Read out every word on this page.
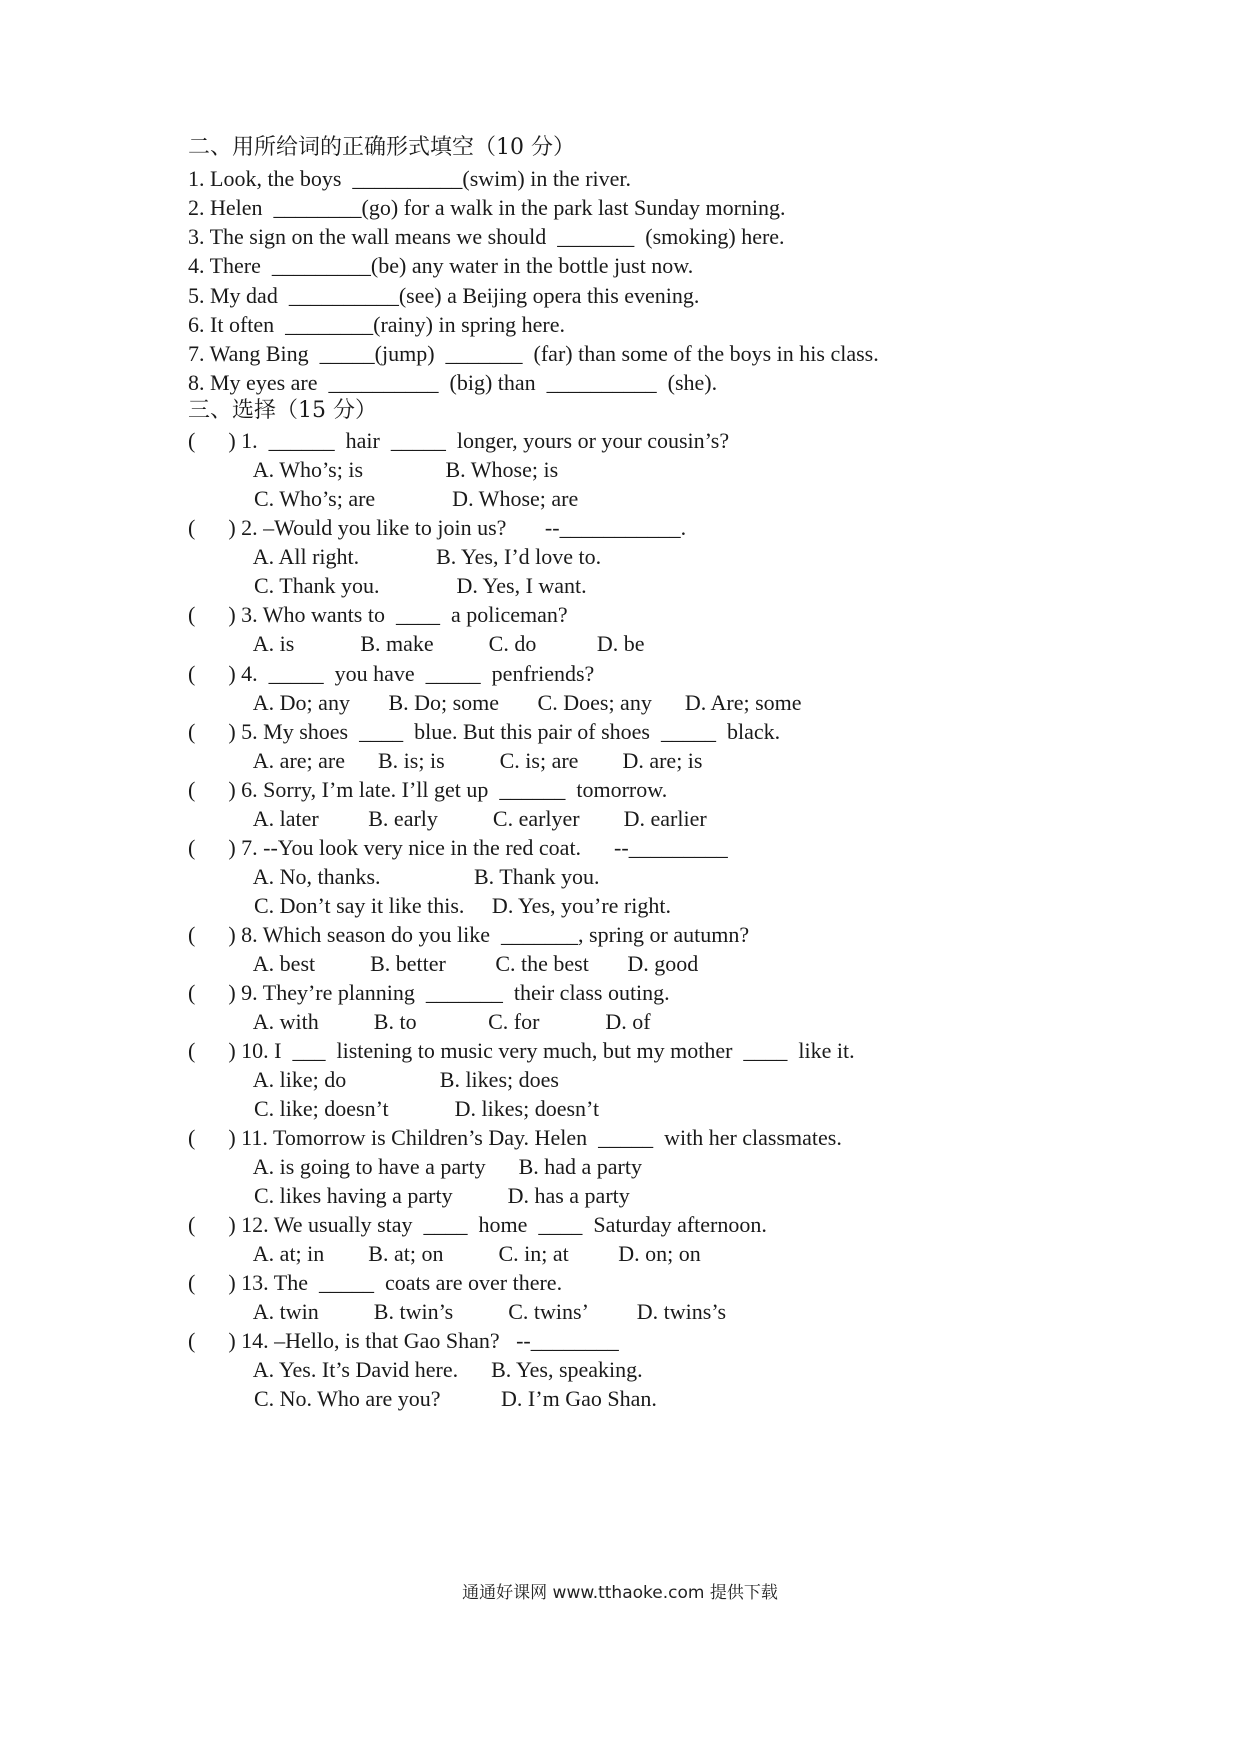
二、用所给词的正确形式填空（10 分）
1. Look, the boys  __________(swim) in the river.
2. Helen  ________(go) for a walk in the park last Sunday morning.
3. The sign on the wall means we should  _______  (smoking) here.
4. There  _________(be) any water in the bottle just now.
5. My dad  __________(see) a Beijing opera this evening.
6. It often  ________(rainy) in spring here.
7. Wang Bing  _____(jump)  _______  (far) than some of the boys in his class.
8. My eyes are  __________  (big) than  __________  (she).
三、选择（15 分）
(      ) 1.  ______  hair  _____  longer, yours or your cousin’s?
A. Who’s; is               B. Whose; is
C. Who’s; are              D. Whose; are
(      ) 2. –Would you like to join us?       --___________.
A. All right.              B. Yes, I’d love to.
C. Thank you.              D. Yes, I want.
(      ) 3. Who wants to  ____  a policeman?
A. is            B. make          C. do           D. be
(      ) 4.  _____  you have  _____  penfriends?
A. Do; any       B. Do; some       C. Does; any      D. Are; some
(      ) 5. My shoes  ____  blue. But this pair of shoes  _____  black.
A. are; are      B. is; is          C. is; are        D. are; is
(      ) 6. Sorry, I’m late. I’ll get up  ______  tomorrow.
A. later         B. early          C. earlyer        D. earlier
(      ) 7. --You look very nice in the red coat.      --_________
A. No, thanks.                 B. Thank you.
C. Don’t say it like this.     D. Yes, you’re right.
(      ) 8. Which season do you like  _______, spring or autumn?
A. best          B. better         C. the best       D. good
(      ) 9. They’re planning  _______  their class outing.
A. with          B. to             C. for            D. of
(      ) 10. I  ___  listening to music very much, but my mother  ____  like it.
A. like; do                 B. likes; does
C. like; doesn’t            D. likes; doesn’t
(      ) 11. Tomorrow is Children’s Day. Helen  _____  with her classmates.
A. is going to have a party      B. had a party
C. likes having a party          D. has a party
(      ) 12. We usually stay  ____  home  ____  Saturday afternoon.
A. at; in        B. at; on          C. in; at         D. on; on
(      ) 13. The  _____  coats are over there.
A. twin          B. twin’s          C. twins’         D. twins’s
(      ) 14. –Hello, is that Gao Shan?   --________
A. Yes. It’s David here.      B. Yes, speaking.
C. No. Who are you?           D. I’m Gao Shan.
通通好课网 www.tthaoke.com 提供下载
